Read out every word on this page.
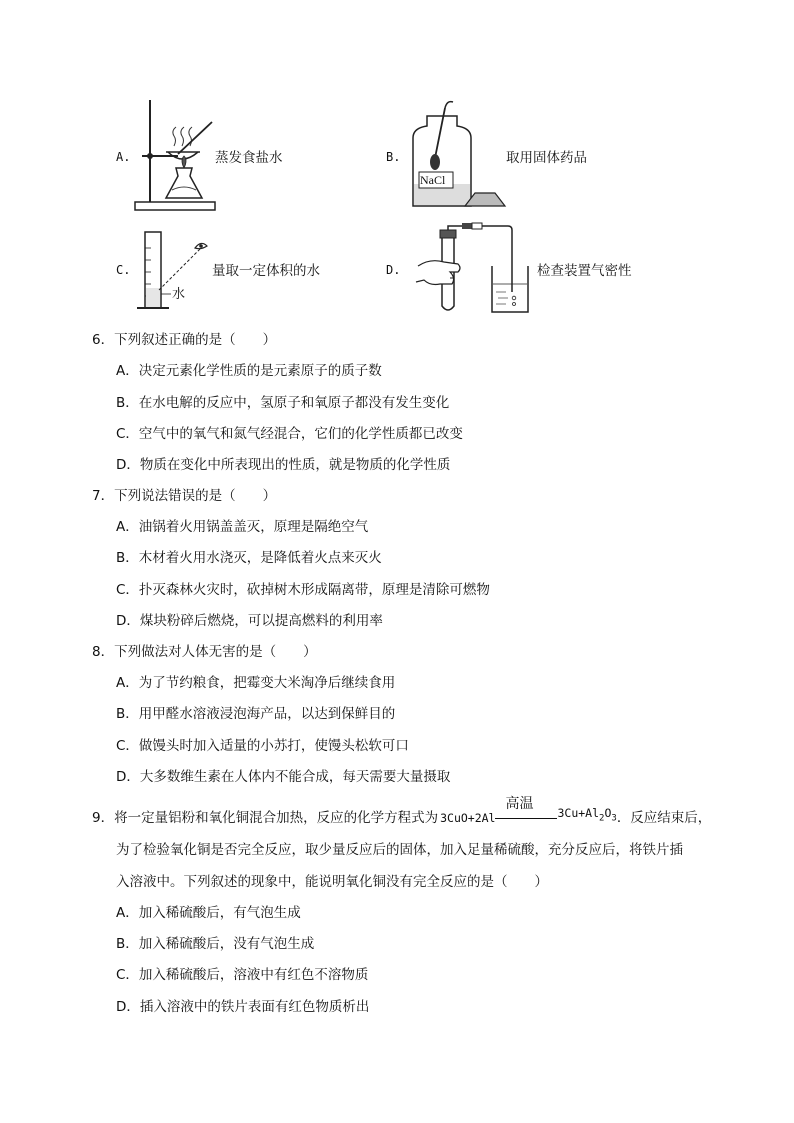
A.	蒸发食盐水	B.
NaCl
取用固体药品
C.	量取一定体积的水
水
D.	检查装置气密性
6．下列叙述正确的是（　　）
A．决定元素化学性质的是元素原子的质子数
B．在水电解的反应中，氢原子和氧原子都没有发生变化
C．空气中的氧气和氮气经混合，它们的化学性质都已改变
D．物质在变化中所表现出的性质，就是物质的化学性质
7．下列说法错误的是（　　）
A．油锅着火用锅盖盖灭，原理是隔绝空气
B．木材着火用水浇灭，是降低着火点来灭火
C．扑灭森林火灾时，砍掉树木形成隔离带，原理是清除可燃物
D．煤块粉碎后燃烧，可以提高燃料的利用率
8．下列做法对人体无害的是（　　）
A．为了节约粮食，把霉变大米淘净后继续食用
B．用甲醛水溶液浸泡海产品，以达到保鲜目的
C．做馒头时加入适量的小苏打，使馒头松软可口
D．大多数维生素在人体内不能合成，每天需要大量摄取
9．将一定量铝粉和氧化铜混合加热，反应的化学方程式为 3CuO+2Al
高温
$3Cu+Al_2O_3$ ．反应结束后，
为了检验氧化铜是否完全反应，取少量反应后的固体，加入足量稀硫酸，充分反应后，将铁片插
入溶液中。下列叙述的现象中，能说明氧化铜没有完全反应的是（　　）
A．加入稀硫酸后，有气泡生成
B．加入稀硫酸后，没有气泡生成
C．加入稀硫酸后，溶液中有红色不溶物质
D．插入溶液中的铁片表面有红色物质析出
